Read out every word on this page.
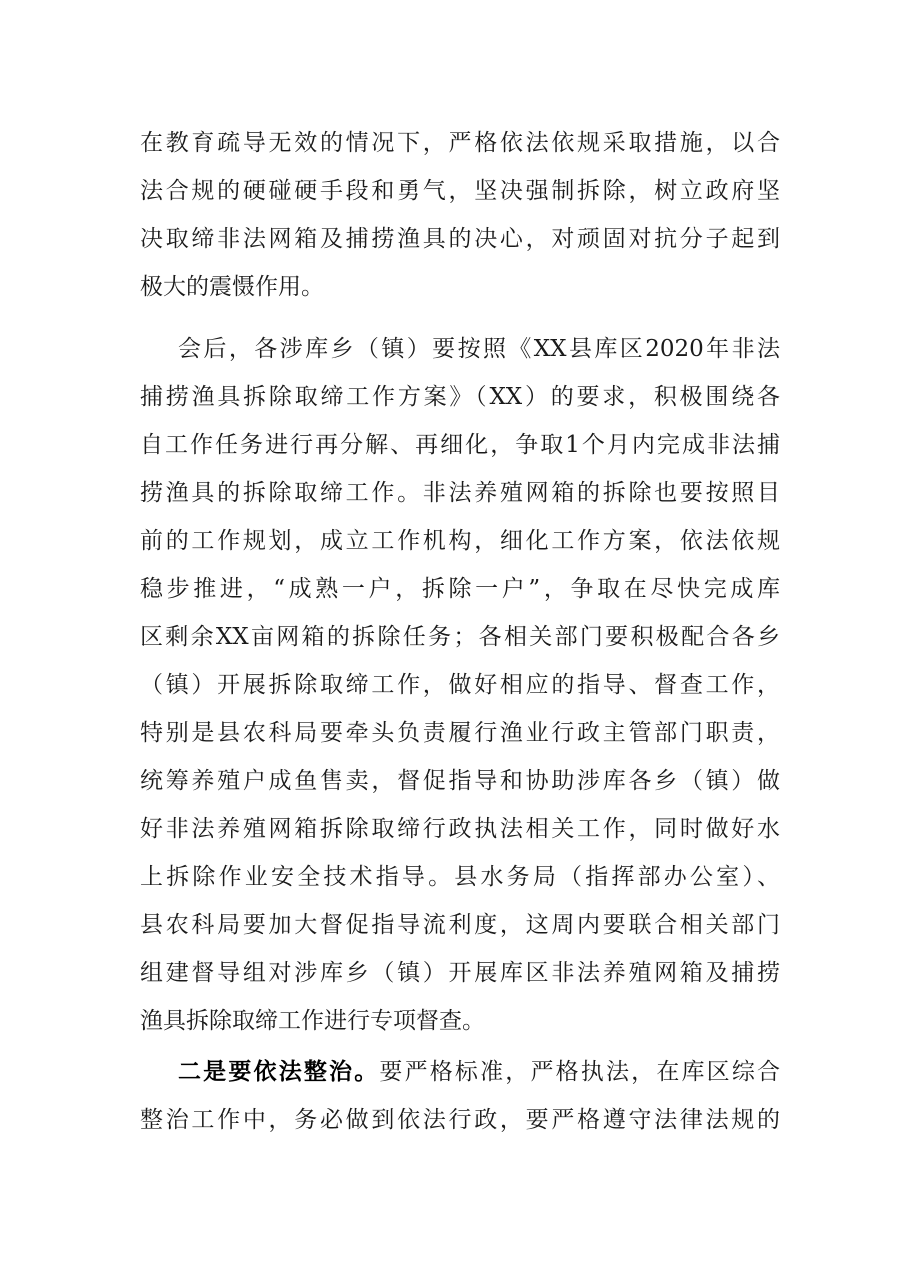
在教育疏导无效的情况下，严格依法依规采取措施，以合
法合规的硬碰硬手段和勇气，坚决强制拆除，树立政府坚
决取缔非法网箱及捕捞渔具的决心，对顽固对抗分子起到
极大的震慑作用。
会后，各涉库乡（镇）要按照《XX县库区2020年非法
捕捞渔具拆除取缔工作方案》（XX）的要求，积极围绕各
自工作任务进行再分解、再细化，争取1个月内完成非法捕
捞渔具的拆除取缔工作。非法养殖网箱的拆除也要按照目
前的工作规划，成立工作机构，细化工作方案，依法依规
稳步推进，“成熟一户，拆除一户”，争取在尽快完成库
区剩余XX亩网箱的拆除任务；各相关部门要积极配合各乡
（镇）开展拆除取缔工作，做好相应的指导、督查工作，
特别是县农科局要牵头负责履行渔业行政主管部门职责，
统筹养殖户成鱼售卖，督促指导和协助涉库各乡（镇）做
好非法养殖网箱拆除取缔行政执法相关工作，同时做好水
上拆除作业安全技术指导。县水务局（指挥部办公室）、
县农科局要加大督促指导流利度，这周内要联合相关部门
组建督导组对涉库乡（镇）开展库区非法养殖网箱及捕捞
渔具拆除取缔工作进行专项督查。
二是要依法整治。要严格标准，严格执法，在库区综合
整治工作中，务必做到依法行政，要严格遵守法律法规的
